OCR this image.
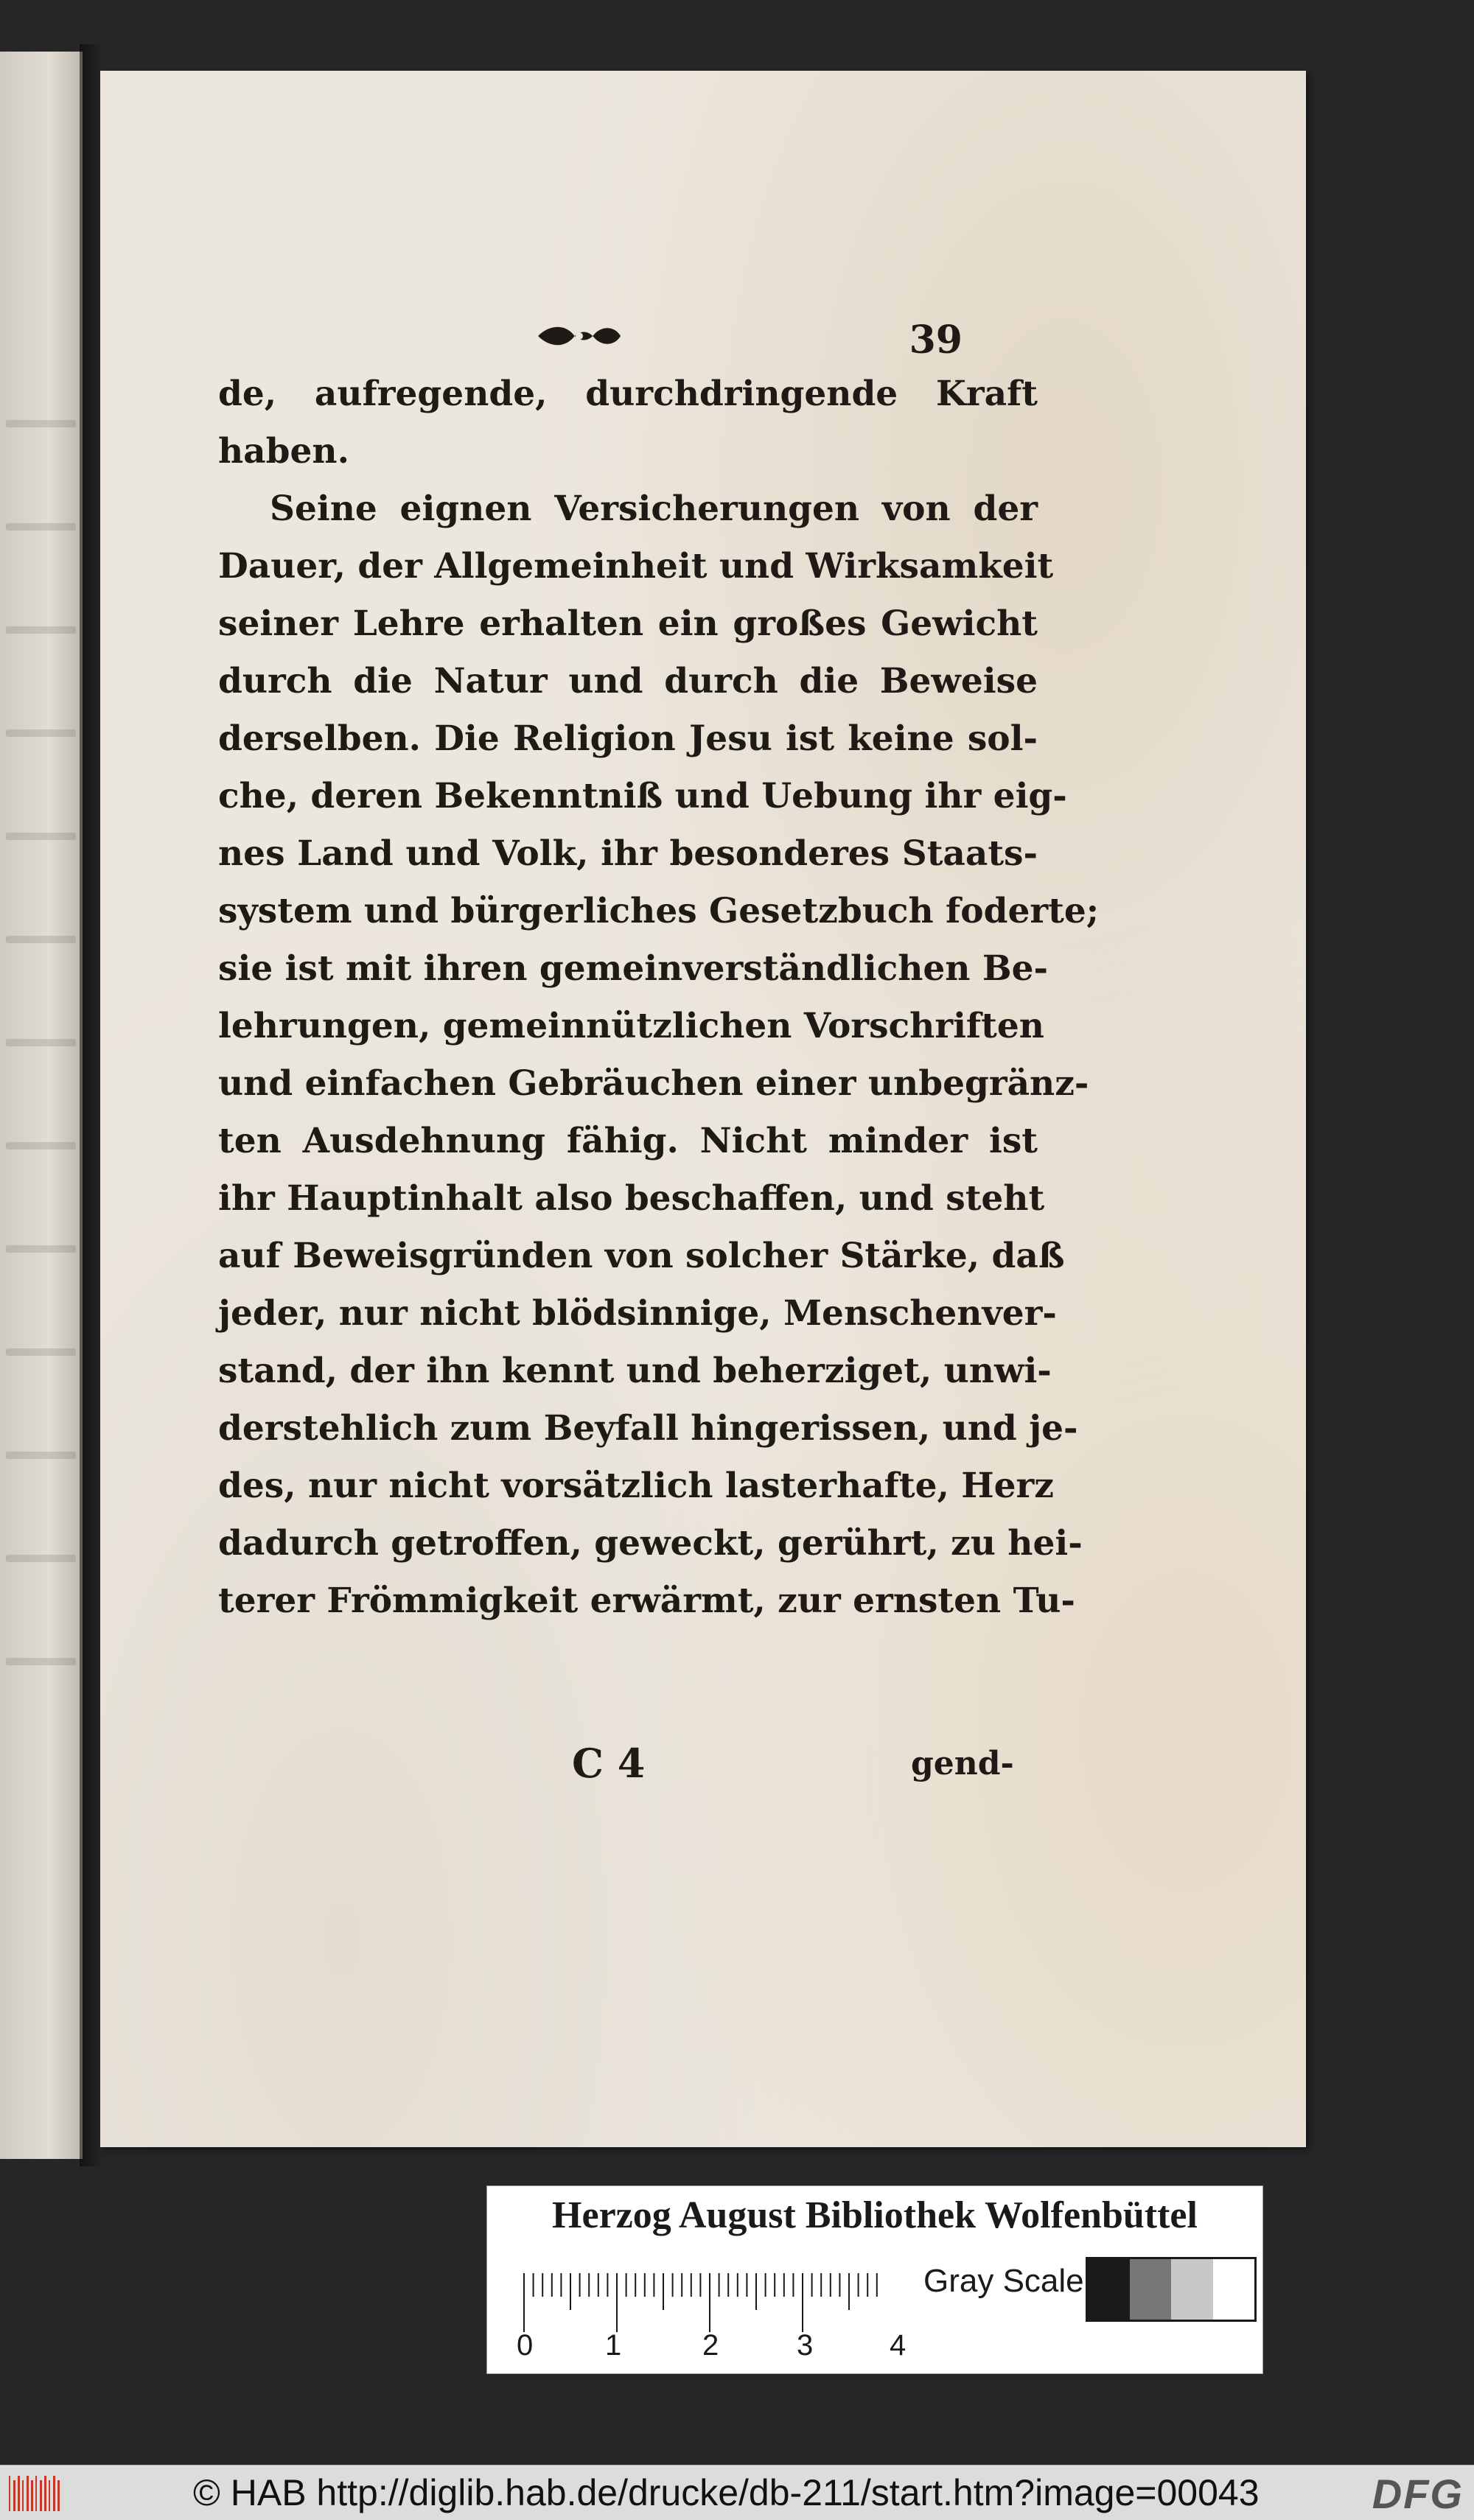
39
de, aufregende, durchdringende Kraft
haben.
Seine eignen Versicherungen von der
Dauer, der Allgemeinheit und Wirksamkeit
seiner Lehre erhalten ein großes Gewicht
durch die Natur und durch die Beweise
derselben. Die Religion Jesu ist keine sol-
che, deren Bekenntniß und Uebung ihr eig-
nes Land und Volk, ihr besonderes Staats-
system und bürgerliches Gesetzbuch foderte;
sie ist mit ihren gemeinverständlichen Be-
lehrungen, gemeinnützlichen Vorschriften
und einfachen Gebräuchen einer unbegränz-
ten Ausdehnung fähig. Nicht minder ist
ihr Hauptinhalt also beschaffen, und steht
auf Beweisgründen von solcher Stärke, daß
jeder, nur nicht blödsinnige, Menschenver-
stand, der ihn kennt und beherziget, unwi-
derstehlich zum Beyfall hingerissen, und je-
des, nur nicht vorsätzlich lasterhafte, Herz
dadurch getroffen, geweckt, gerührt, zu hei-
terer Frömmigkeit erwärmt, zur ernsten Tu-
C 4	gend-
Herzog August Bibliothek Wolfenbüttel
0 1	2	3	4
Gray Scale
© HAB http://diglib.hab.de/drucke/db-211/start.htm?image=00043	DFG
